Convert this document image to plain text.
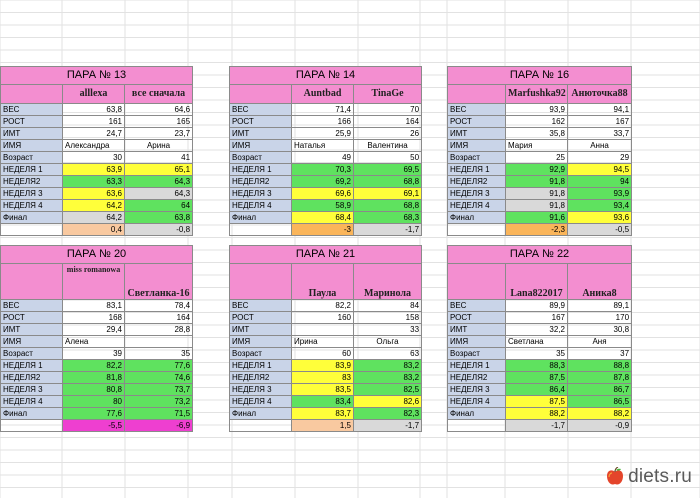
ПАРА № 13		
	alllexa	все сначала
ВЕС	63,8	64,6
РОСТ	161	165
ИМТ	24,7	23,7
ИМЯ	Александра	Арина
Возраст	30	41
НЕДЕЛЯ 1	63,9	65,1
НЕДЕЛЯ2	63,3	64,3
НЕДЕЛЯ 3	63,6	64,3
НЕДЕЛЯ 4	64,2	64
Финал	64,2	63,8
	0,4	-0,8
ПАРА № 14		
	Auntbad	TinaGe
ВЕС	71,4	70
РОСТ	166	164
ИМТ	25,9	26
ИМЯ	Наталья	Валентина
Возраст	49	50
НЕДЕЛЯ 1	70,3	69,5
НЕДЕЛЯ2	69,2	68,8
НЕДЕЛЯ 3	69,6	69,1
НЕДЕЛЯ 4	58,9	68,8
Финал	68,4	68,3
	-3	-1,7
ПАРА № 16		
	Marfushka92	Анюточка88
ВЕС	93,9	94,1
РОСТ	162	167
ИМТ	35,8	33,7
ИМЯ	Мария	Анна
Возраст	25	29
НЕДЕЛЯ 1	92,9	94,5
НЕДЕЛЯ2	91,8	94
НЕДЕЛЯ 3	91,8	93,9
НЕДЕЛЯ 4	91,8	93,4
Финал	91,6	93,6
	-2,3	-0,5
ПАРА № 20		
	miss romanowa	Светланка-16
ВЕС	83,1	78,4
РОСТ	168	164
ИМТ	29,4	28,8
ИМЯ	Алена	
Возраст	39	35
НЕДЕЛЯ 1	82,2	77,6
НЕДЕЛЯ2	81,8	74,6
НЕДЕЛЯ 3	80,8	73,7
НЕДЕЛЯ 4	80	73,2
Финал	77,6	71,5
	-5,5	-6,9
ПАРА № 21		
	Паула	Маринола
ВЕС	82,2	84
РОСТ	160	158
ИМТ		33
ИМЯ	Ирина	Ольга
Возраст	60	63
НЕДЕЛЯ 1	83,9	83,2
НЕДЕЛЯ2	83	83,2
НЕДЕЛЯ 3	83,5	82,5
НЕДЕЛЯ 4	83,4	82,6
Финал	83,7	82,3
	1,5	-1,7
ПАРА № 22		
	Lana822017	Аника8
ВЕС	89,9	89,1
РОСТ	167	170
ИМТ	32,2	30,8
ИМЯ	Светлана	Аня
Возраст	35	37
НЕДЕЛЯ 1	88,3	88,8
НЕДЕЛЯ2	87,5	87,8
НЕДЕЛЯ 3	86,4	86,7
НЕДЕЛЯ 4	87,5	86,5
Финал	88,2	88,2
	-1,7	-0,9
diets.ru
